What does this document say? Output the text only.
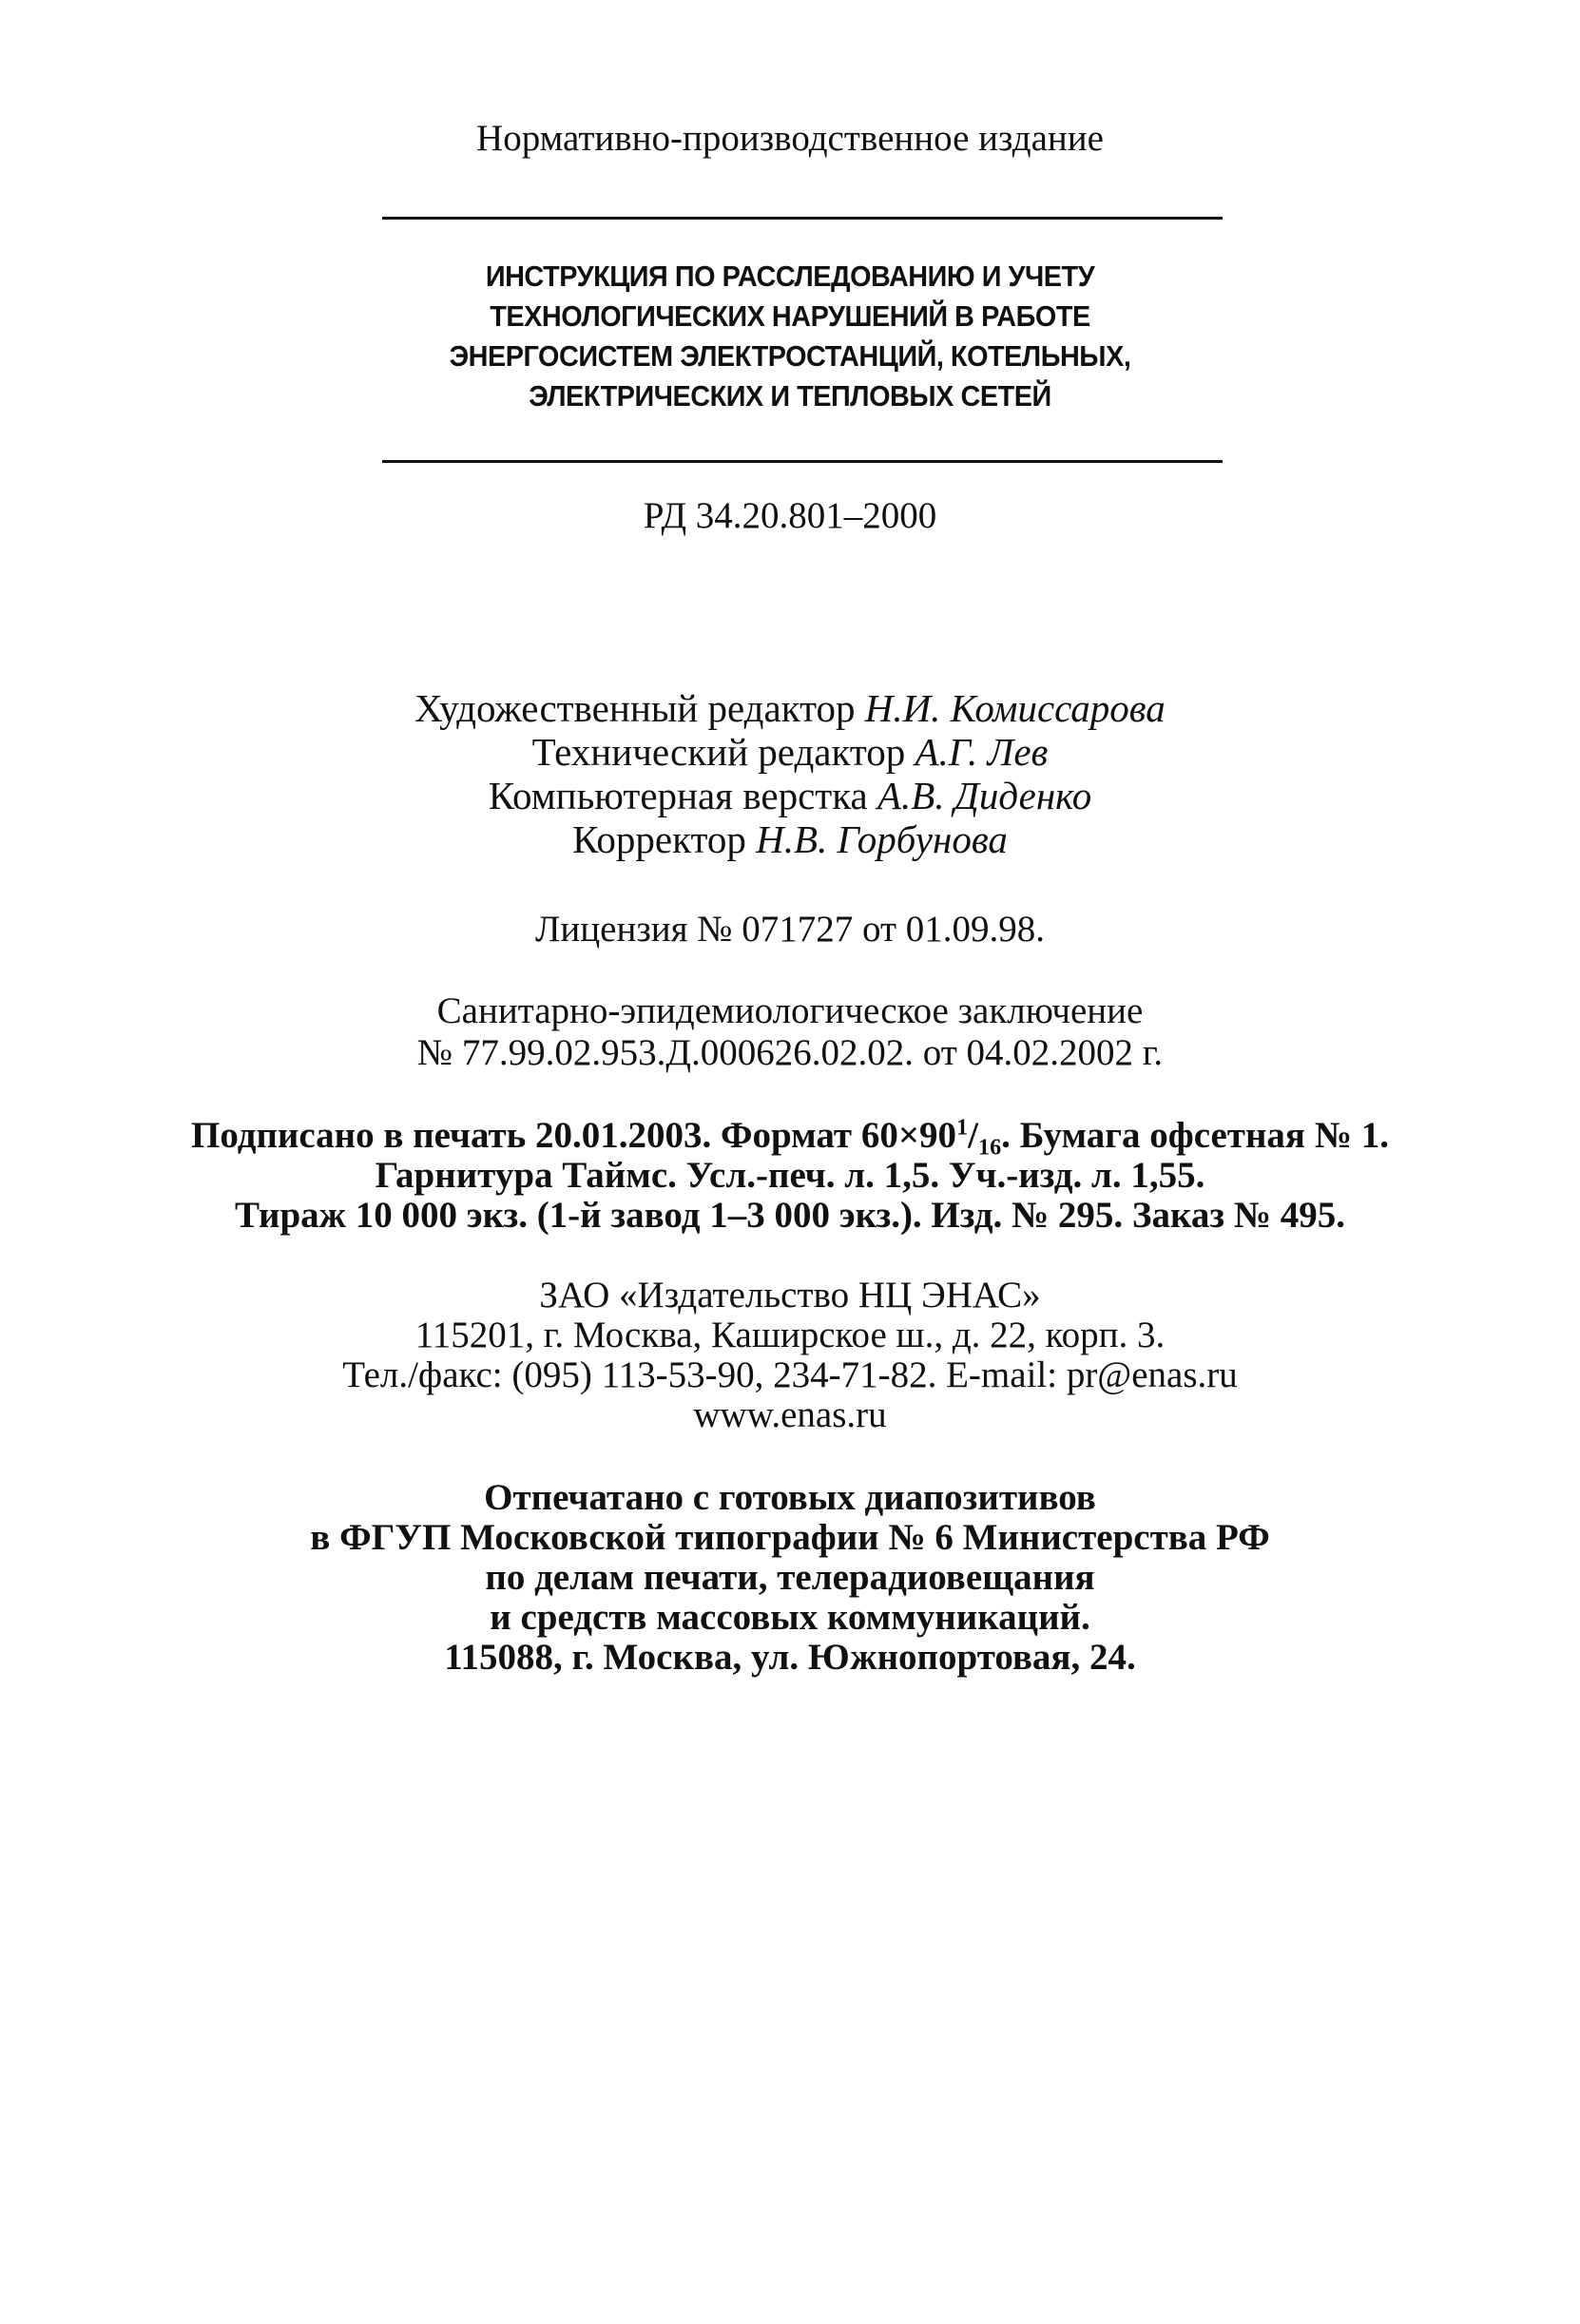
Нормативно-производственное издание
ИНСТРУКЦИЯ ПО РАССЛЕДОВАНИЮ И УЧЕТУ
ТЕХНОЛОГИЧЕСКИХ НАРУШЕНИЙ В РАБОТЕ
ЭНЕРГОСИСТЕМ ЭЛЕКТРОСТАНЦИЙ, КОТЕЛЬНЫХ,
ЭЛЕКТРИЧЕСКИХ И ТЕПЛОВЫХ СЕТЕЙ
РД 34.20.801–2000
Художественный редактор Н.И. Комиссарова
Технический редактор А.Г. Лев
Компьютерная верстка А.В. Диденко
Корректор Н.В. Горбунова
Лицензия № 071727 от 01.09.98.
Санитарно-эпидемиологическое заключение
№ 77.99.02.953.Д.000626.02.02. от 04.02.2002 г.
Подписано в печать 20.01.2003. Формат $60\times 90^1/_{16}$. Бумага офсетная № 1.
Гарнитура Таймс. Усл.-печ. л. 1,5. Уч.-изд. л. 1,55.
Тираж 10 000 экз. (1-й завод 1–3 000 экз.). Изд. № 295. Заказ № 495.
ЗАО «Издательство НЦ ЭНАС»
115201, г. Москва, Каширское ш., д. 22, корп. 3.
Тел./факс: (095) 113-53-90, 234-71-82. E-mail: pr@enas.ru
www.enas.ru
Отпечатано с готовых диапозитивов
в ФГУП Московской типографии № 6 Министерства РФ
по делам печати, телерадиовещания
и средств массовых коммуникаций.
115088, г. Москва, ул. Южнопортовая, 24.
